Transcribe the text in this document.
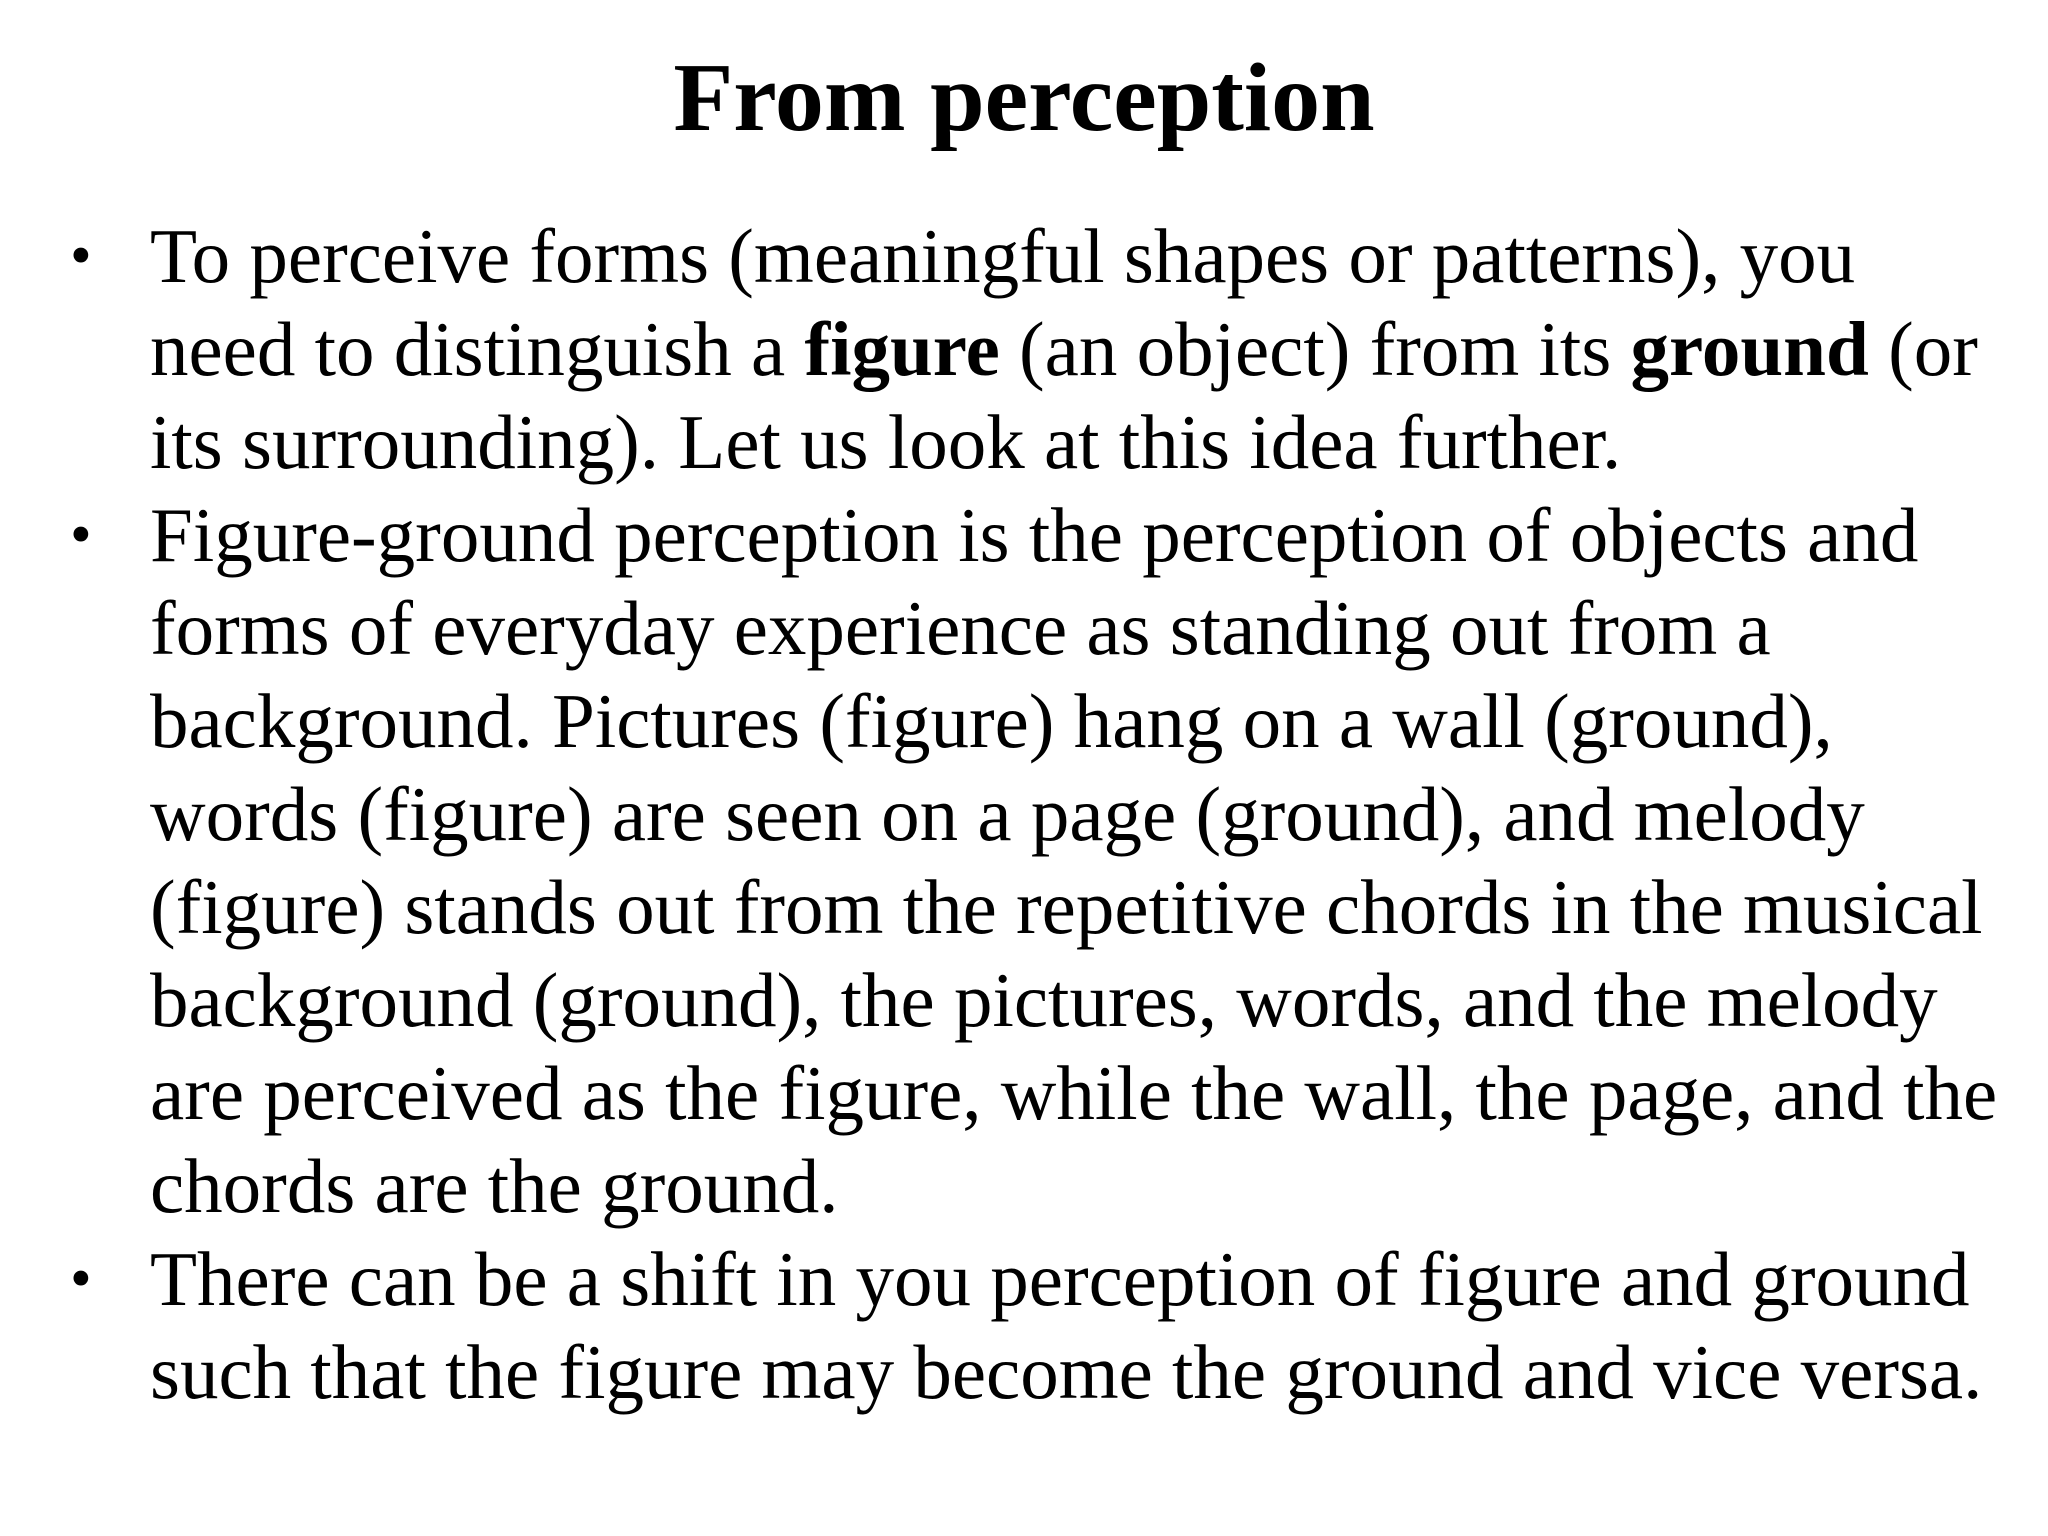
From perception
• To perceive forms (meaningful shapes or patterns), you need to distinguish a figure (an object) from its ground (or its surrounding). Let us look at this idea further.
• Figure-ground perception is the perception of objects and forms of everyday experience as standing out from a background. Pictures (figure) hang on a wall (ground), words (figure) are seen on a page (ground), and melody (figure) stands out from the repetitive chords in the musical background (ground), the pictures, words, and the melody are perceived as the figure, while the wall, the page, and the chords are the ground.
• There can be a shift in you perception of figure and ground such that the figure may become the ground and vice versa.
